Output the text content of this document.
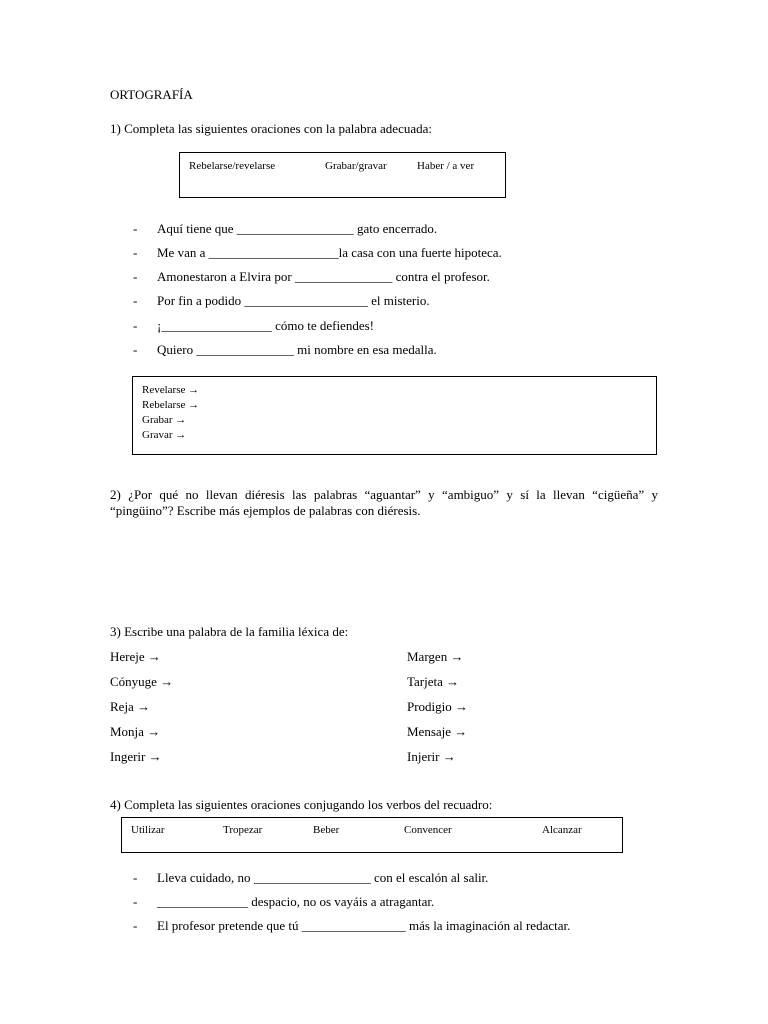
ORTOGRAFÍA
1) Completa las siguientes oraciones con la palabra adecuada:
Rebelarse/revelarse	Grabar/gravar	Haber / a ver
- Aquí tiene que __________________ gato encerrado.
- Me van a ____________________la casa con una fuerte hipoteca.
- Amonestaron a Elvira por _______________ contra el profesor.
- Por fin a podido ___________________ el misterio.
- ¡_________________ cómo te defiendes!
- Quiero _______________ mi nombre en esa medalla.
Revelarse →
Rebelarse →
Grabar →
Gravar →
2) ¿Por qué no llevan diéresis las palabras “aguantar” y “ambiguo” y sí la llevan “cigüeña” y “pingüino”? Escribe más ejemplos de palabras con diéresis.
3) Escribe una palabra de la familia léxica de:
Hereje →	Margen →
Cónyuge →	Tarjeta →
Reja →	Prodigio →
Monja →	Mensaje →
Ingerir →	Injerir →
4) Completa las siguientes oraciones conjugando los verbos del recuadro:
Utilizar	Tropezar	Beber	Convencer	Alcanzar
- Lleva cuidado, no __________________ con el escalón al salir.
- ______________ despacio, no os vayáis a atragantar.
- El profesor pretende que tú ________________ más la imaginación al redactar.
